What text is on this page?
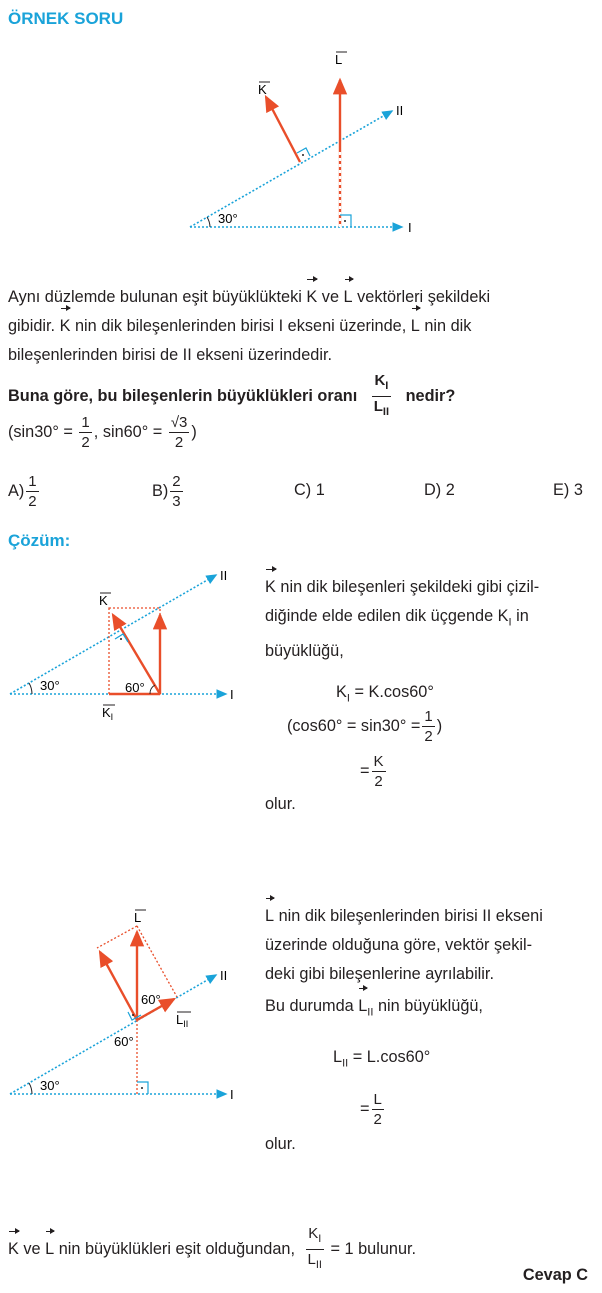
ÖRNEK SORU
30°
I
II
K
L
Aynı düzlemde bulunan eşit büyüklükteki K ve L vektörleri şekildeki
gibidir. K nin dik bileşenlerinden birisi I ekseni üzerinde, L nin dik
bileşenlerinden birisi de II ekseni üzerindedir.
Buna göre, bu bileşenlerin büyüklükleri oranı $\frac{K_I}{L_{II}}$ nedir?
($\sin 30^\circ = \frac{1}{2}$ , $\sin 60^\circ = \frac{√3}{2}$ )
$A) \frac{1}{2}$	$B) \frac{2}{3}$	C) 1	D) 2	E) 3
Çözüm:
30°
I
II
60°
K
$K_I$
K nin dik bileşenleri şekildeki gibi çizil-
diğinde elde edilen dik üçgende $K_I$ in
büyüklüğü,
$K_I = K.\cos 60^\circ$
($\cos 60^\circ = \sin 30^\circ = \frac{1}{2}$ )
= $\frac{K}{2}$
olur.
30°
I
II
60°
60°
L
$L_{II}$
L nin dik bileşenlerinden birisi II ekseni
üzerinde olduğuna göre, vektör şekil-
deki gibi bileşenlerine ayrılabilir.
Bu durumda $L_{II}$ nin büyüklüğü,
$L_{II} = L.\cos 60^\circ$
= $\frac{L}{2}$
olur.
K ve L nin büyüklükleri eşit olduğundan, $\frac{K_I}{L_{II}} = 1$ bulunur.
Cevap C
